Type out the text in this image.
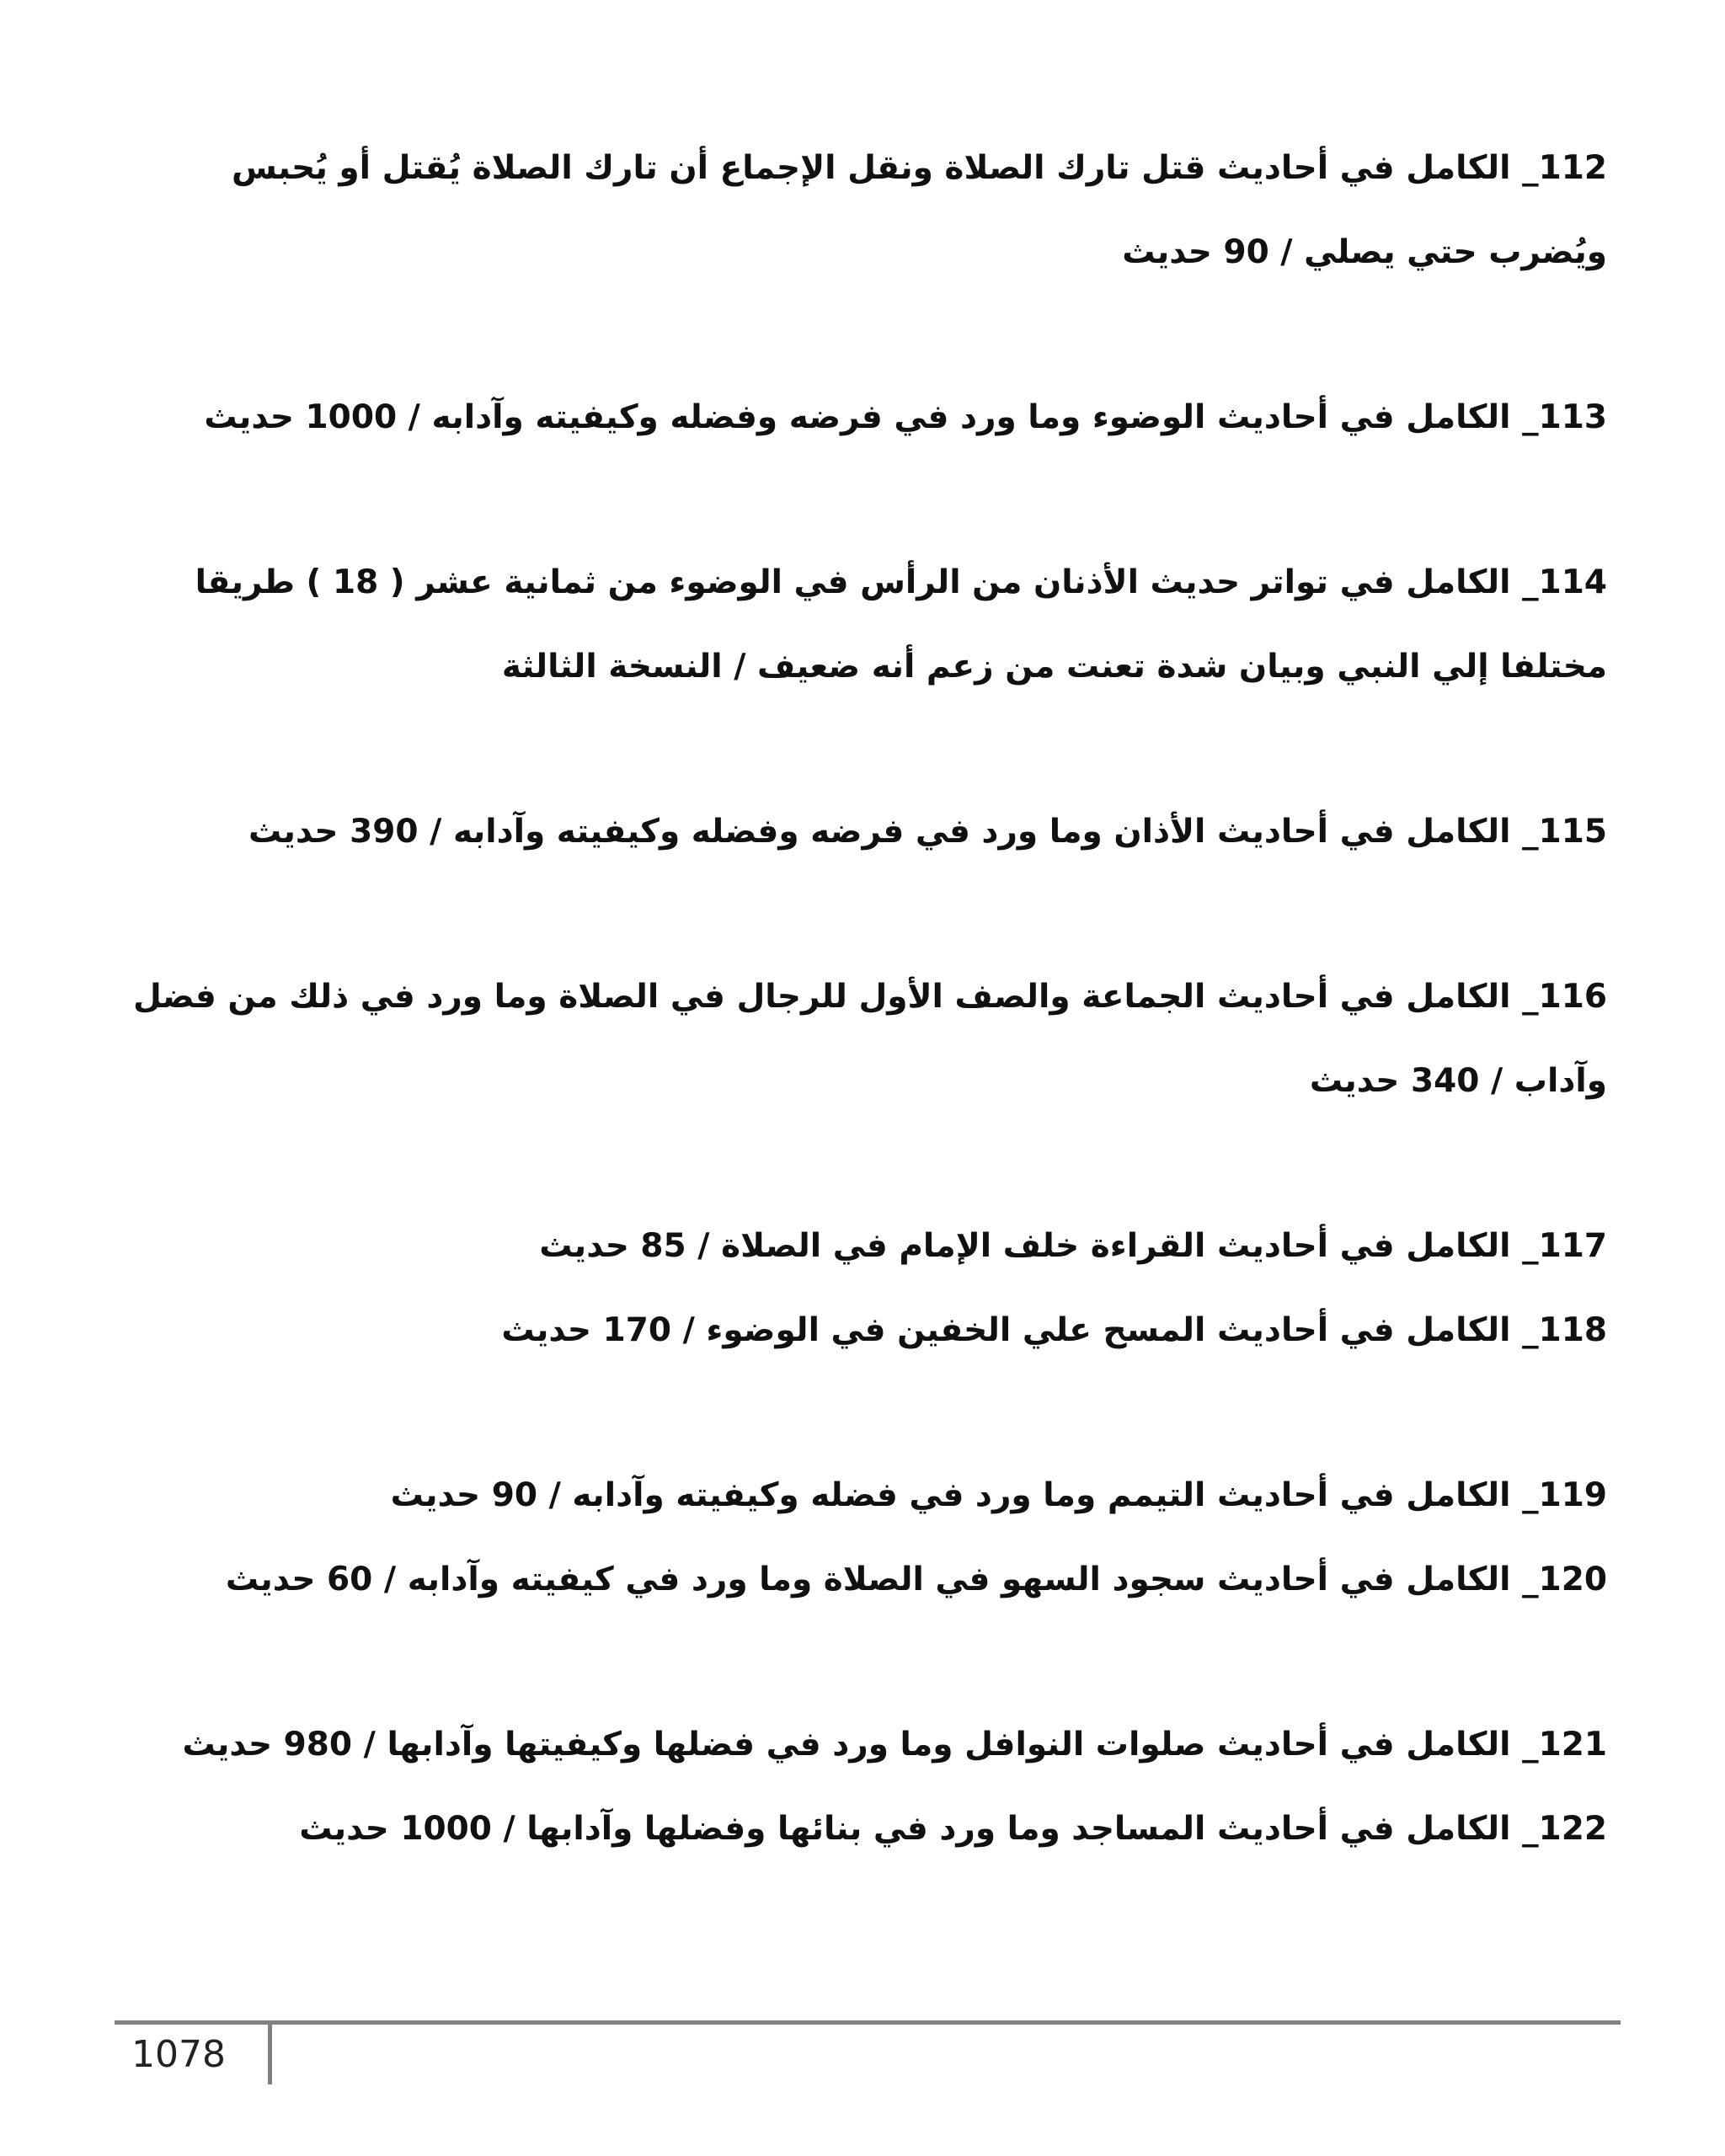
112_ الكامل في أحاديث قتل تارك الصلاة ونقل الإجماع أن تارك الصلاة يُقتل أو يُحبس ويُضرب حتي يصلي / 90 حديث

113_ الكامل في أحاديث الوضوء وما ورد في فرضه وفضله وكيفيته وآدابه / 1000 حديث

114_ الكامل في تواتر حديث الأذنان من الرأس في الوضوء من ثمانية عشر ( 18 ) طريقا مختلفا إلي النبي وبيان شدة تعنت من زعم أنه ضعيف / النسخة الثالثة

115_ الكامل في أحاديث الأذان وما ورد في فرضه وفضله وكيفيته وآدابه / 390 حديث

116_ الكامل في أحاديث الجماعة والصف الأول للرجال في الصلاة وما ورد في ذلك من فضل وآداب / 340 حديث

117_ الكامل في أحاديث القراءة خلف الإمام في الصلاة / 85 حديث

118_ الكامل في أحاديث المسح علي الخفين في الوضوء / 170 حديث

119_ الكامل في أحاديث التيمم وما ورد في فضله وكيفيته وآدابه / 90 حديث

120_ الكامل في أحاديث سجود السهو في الصلاة وما ورد في كيفيته وآدابه / 60 حديث

121_ الكامل في أحاديث صلوات النوافل وما ورد في فضلها وكيفيتها وآدابها / 980 حديث

122_ الكامل في أحاديث المساجد وما ورد في بنائها وفضلها وآدابها / 1000 حديث

1078
